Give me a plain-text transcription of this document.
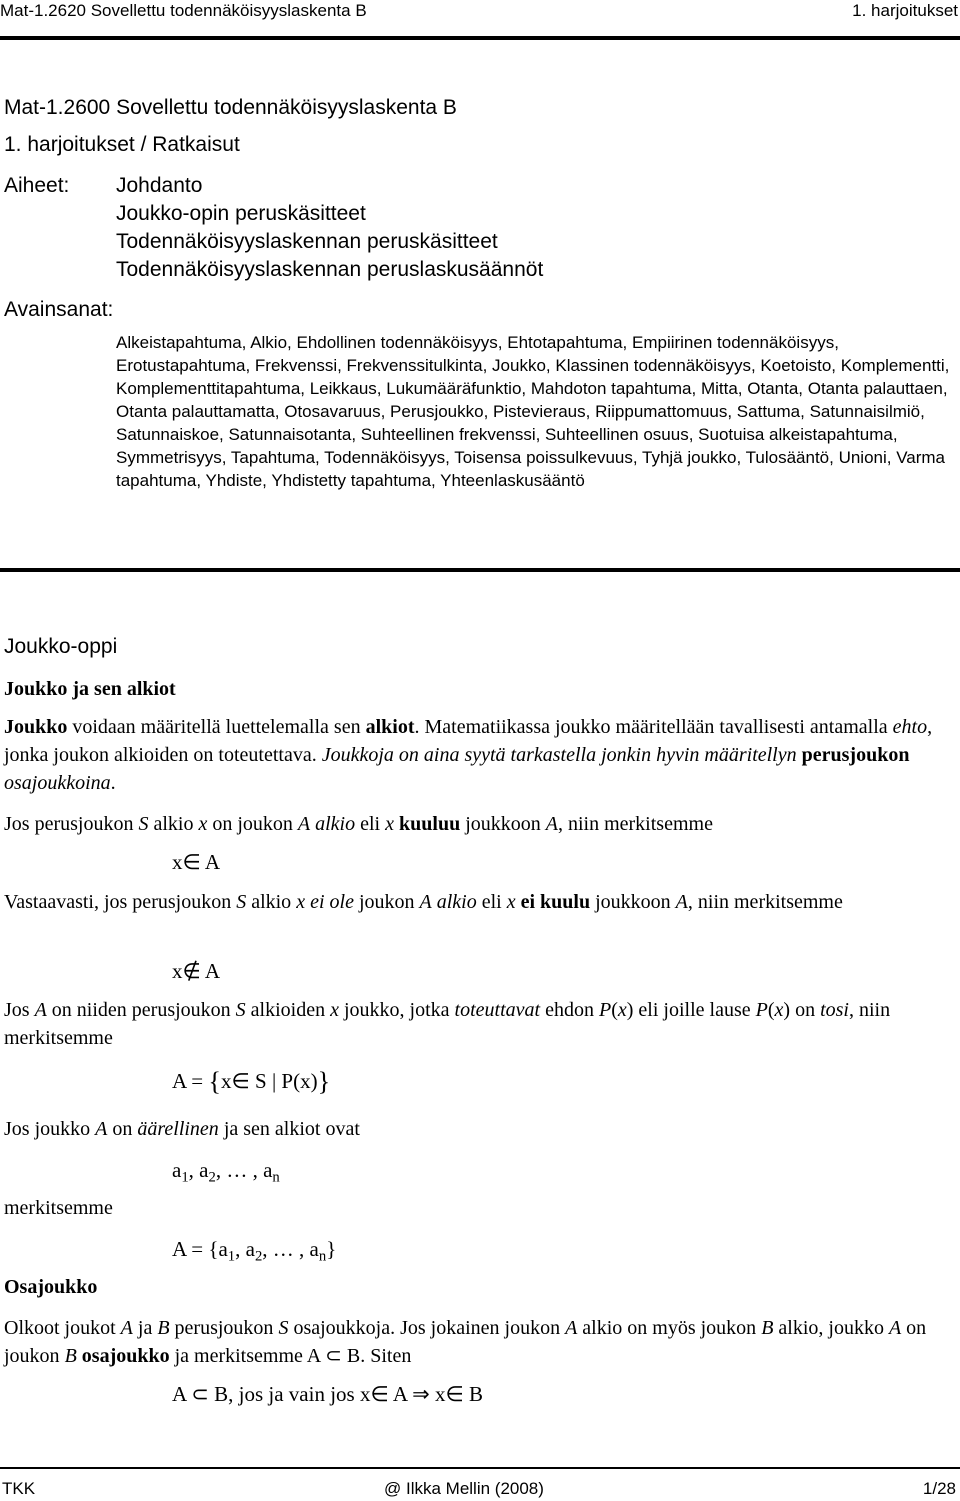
Mat-1.2620 Sovellettu todennäköisyyslaskenta B	1. harjoitukset
Mat-1.2600 Sovellettu todennäköisyyslaskenta B
1. harjoitukset / Ratkaisut
Aiheet: Johdanto
Joukko-opin peruskäsitteet
Todennäköisyyslaskennan peruskäsitteet
Todennäköisyyslaskennan peruslaskusäännöt
Avainsanat:
Alkeistapahtuma, Alkio, Ehdollinen todennäköisyys, Ehtotapahtuma, Empiirinen todennäköisyys, Erotustapahtuma, Frekvenssi, Frekvenssitulkinta, Joukko, Klassinen todennäköisyys, Koetoisto, Komplementti, Komplementtitapahtuma, Leikkaus, Lukumääräfunktio, Mahdoton tapahtuma, Mitta, Otanta, Otanta palauttaen, Otanta palauttamatta, Otosavaruus, Perusjoukko, Pistevieraus, Riippumattomuus, Sattuma, Satunnaisilmiö, Satunnaiskoe, Satunnaisotanta, Suhteellinen frekvenssi, Suhteellinen osuus, Suotuisa alkeistapahtuma, Symmetrisyys, Tapahtuma, Todennäköisyys, Toisensa poissulkevuus, Tyhjä joukko, Tulosääntö, Unioni, Varma tapahtuma, Yhdiste, Yhdistetty tapahtuma, Yhteenlaskusääntö
Joukko-oppi
Joukko ja sen alkiot
Joukko voidaan määritellä luettelemalla sen alkiot. Matematiikassa joukko määritellään tavallisesti antamalla ehto, jonka joukon alkioiden on toteutettava. Joukkoja on aina syytä tarkastella jonkin hyvin määritellyn perusjoukon osajoukkoina.
Jos perusjoukon S alkio x on joukon A alkio eli x kuuluu joukkoon A, niin merkitsemme
x∈ A
Vastaavasti, jos perusjoukon S alkio x ei ole joukon A alkio eli x ei kuulu joukkoon A, niin merkitsemme
x∉ A
Jos A on niiden perusjoukon S alkioiden x joukko, jotka toteuttavat ehdon P(x) eli joille lause P(x) on tosi, niin merkitsemme
A = {x∈ S | P(x)}
Jos joukko A on äärellinen ja sen alkiot ovat
$a_1$, $a_2$, … , $a_n$
merkitsemme
$A = \{a_1$, $a_2$, … , $a_n$}
Osajoukko
Olkoot joukot A ja B perusjoukon S osajoukkoja. Jos jokainen joukon A alkio on myös joukon B alkio, joukko A on joukon B osajoukko ja merkitsemme A ⊂ B. Siten
A ⊂ B, jos ja vain jos x∈ A ⇒ x∈ B
TKK	@ Ilkka Mellin (2008)	1/28
